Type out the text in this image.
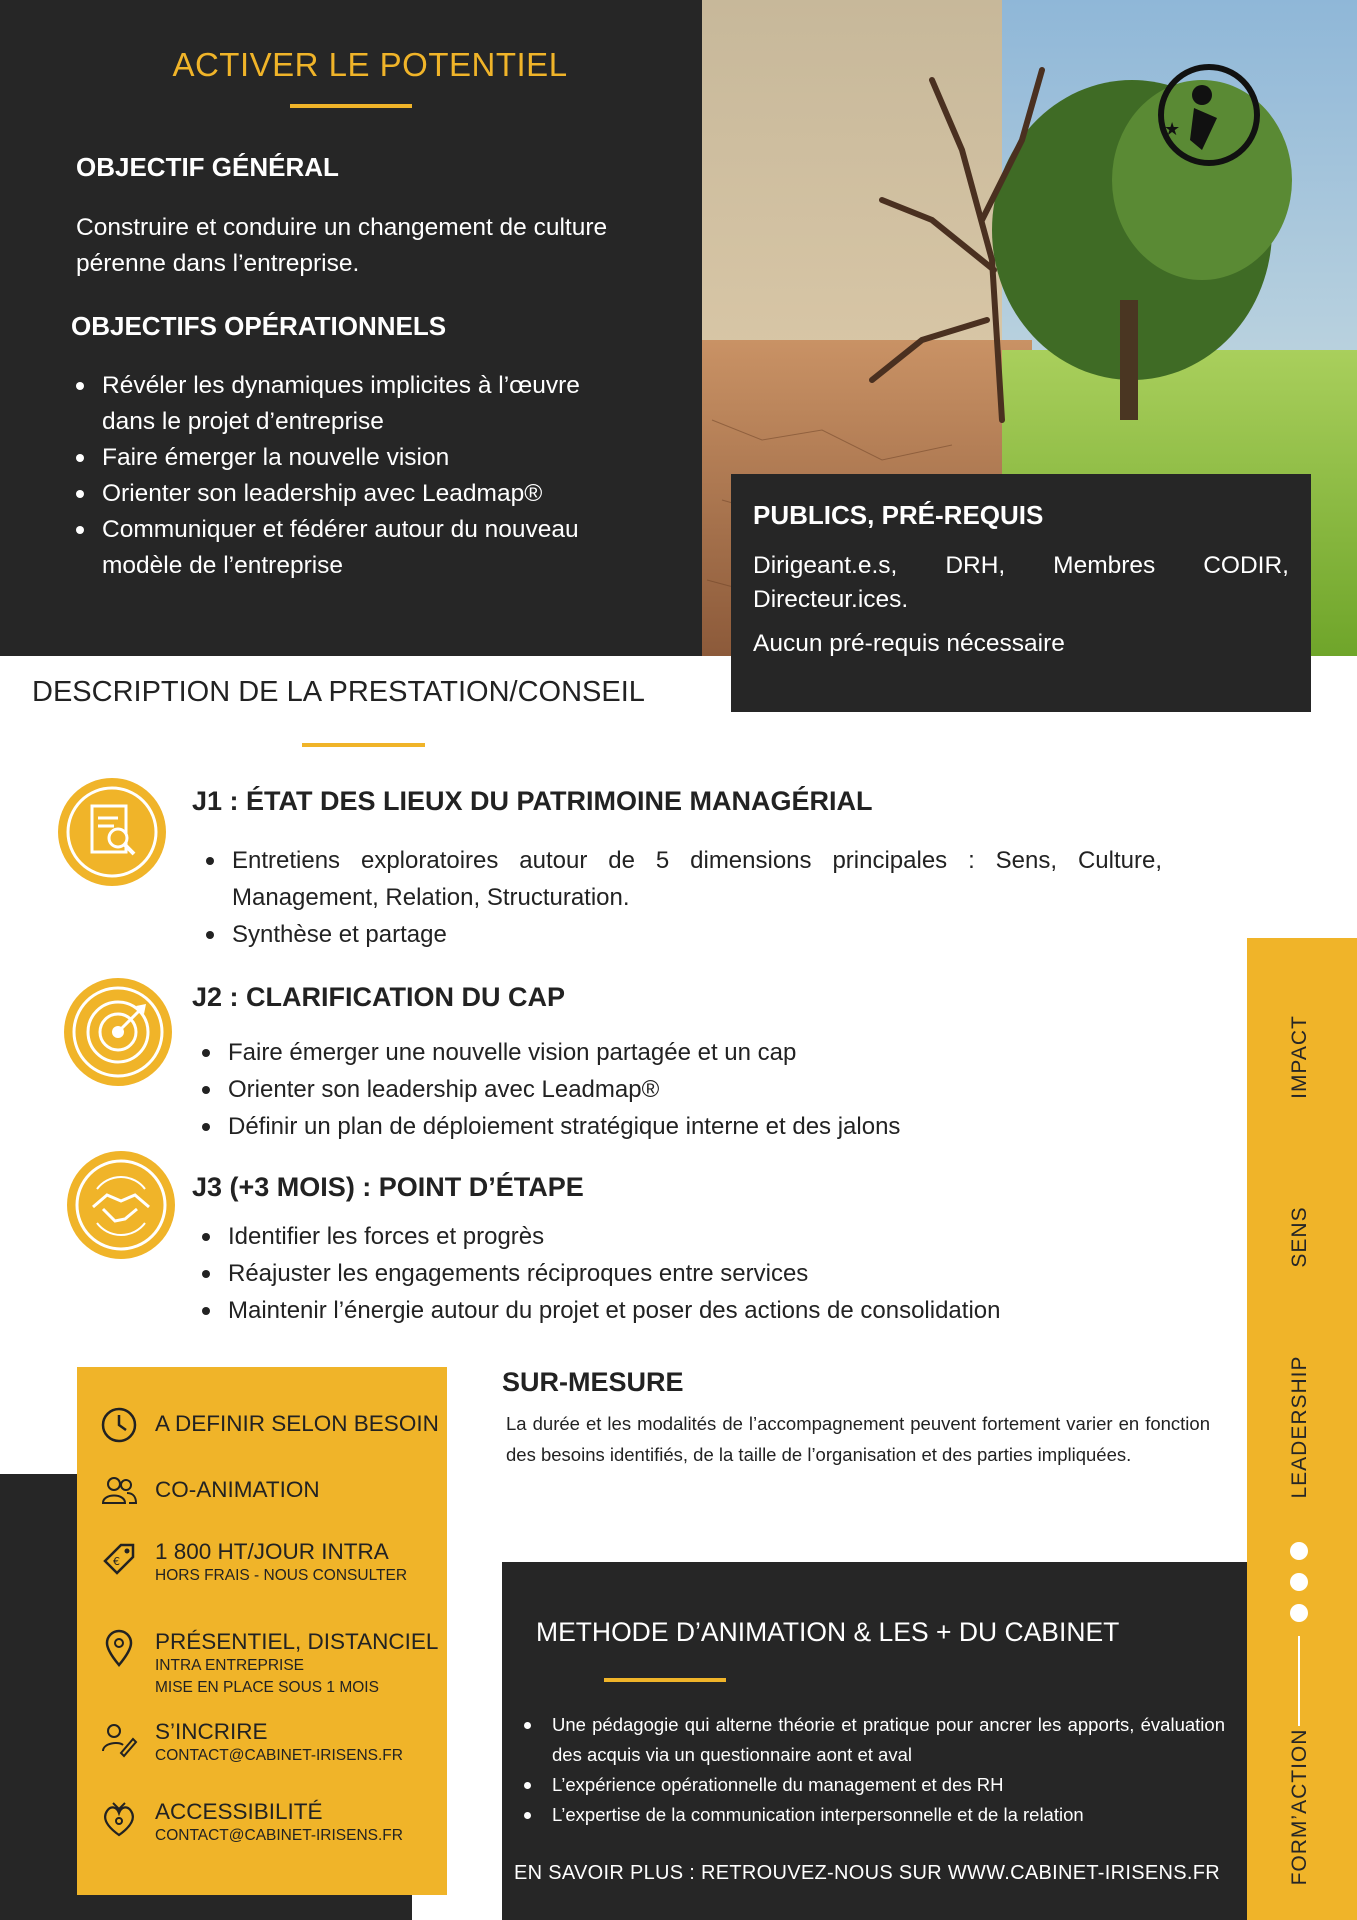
ACTIVER LE POTENTIEL
OBJECTIF GÉNÉRAL

Construire et conduire un changement de culture pérenne dans l’entreprise.

OBJECTIFS OPÉRATIONNELS
Révéler les dynamiques implicites à l’œuvre dans le projet d’entreprise
Faire émerger la nouvelle vision
Orienter son leadership avec Leadmap®
Communiquer et fédérer autour du nouveau modèle de l’entreprise
★
PUBLICS, PRÉ-REQUIS

Dirigeant.e.s, DRH, Membres CODIR, Directeur.ices.

Aucun pré-requis nécessaire

DESCRIPTION DE LA PRESTATION/CONSEIL
J1 : ÉTAT DES LIEUX DU PATRIMOINE MANAGÉRIAL
Entretiens exploratoires autour de 5 dimensions principales : Sens, Culture, Management, Relation, Structuration.
Synthèse et partage
J2 : CLARIFICATION DU CAP
Faire émerger une nouvelle vision partagée et un cap
Orienter son leadership avec Leadmap®
Définir un plan de déploiement stratégique interne et des jalons
J3 (+3 MOIS) : POINT D’ÉTAPE
Identifier les forces et progrès
Réajuster les engagements réciproques entre services
Maintenir l’énergie autour du projet et poser des actions de consolidation
IMPACT
SENS
LEADERSHIP
FORM’ACTION
A DEFINIR SELON BESOIN
CO-ANIMATION
€ 1 800 HT/JOUR INTRA
HORS FRAIS - NOUS CONSULTER
PRÉSENTIEL, DISTANCIEL
INTRA ENTREPRISE
MISE EN PLACE SOUS 1 MOIS
S’INCRIRE
CONTACT@CABINET-IRISENS.FR
ACCESSIBILITÉ
CONTACT@CABINET-IRISENS.FR
SUR-MESURE

La durée et les modalités de l’accompagnement peuvent fortement varier en fonction des besoins identifiés, de la taille de l’organisation et des parties impliquées.

METHODE D’ANIMATION & LES + DU CABINET
Une pédagogie qui alterne théorie et pratique pour ancrer les apports, évaluation des acquis via un questionnaire aont et aval
L’expérience opérationnelle du management et des RH
L’expertise de la communication interpersonnelle et de la relation
EN SAVOIR PLUS : RETROUVEZ-NOUS SUR WWW.CABINET-IRISENS.FR
